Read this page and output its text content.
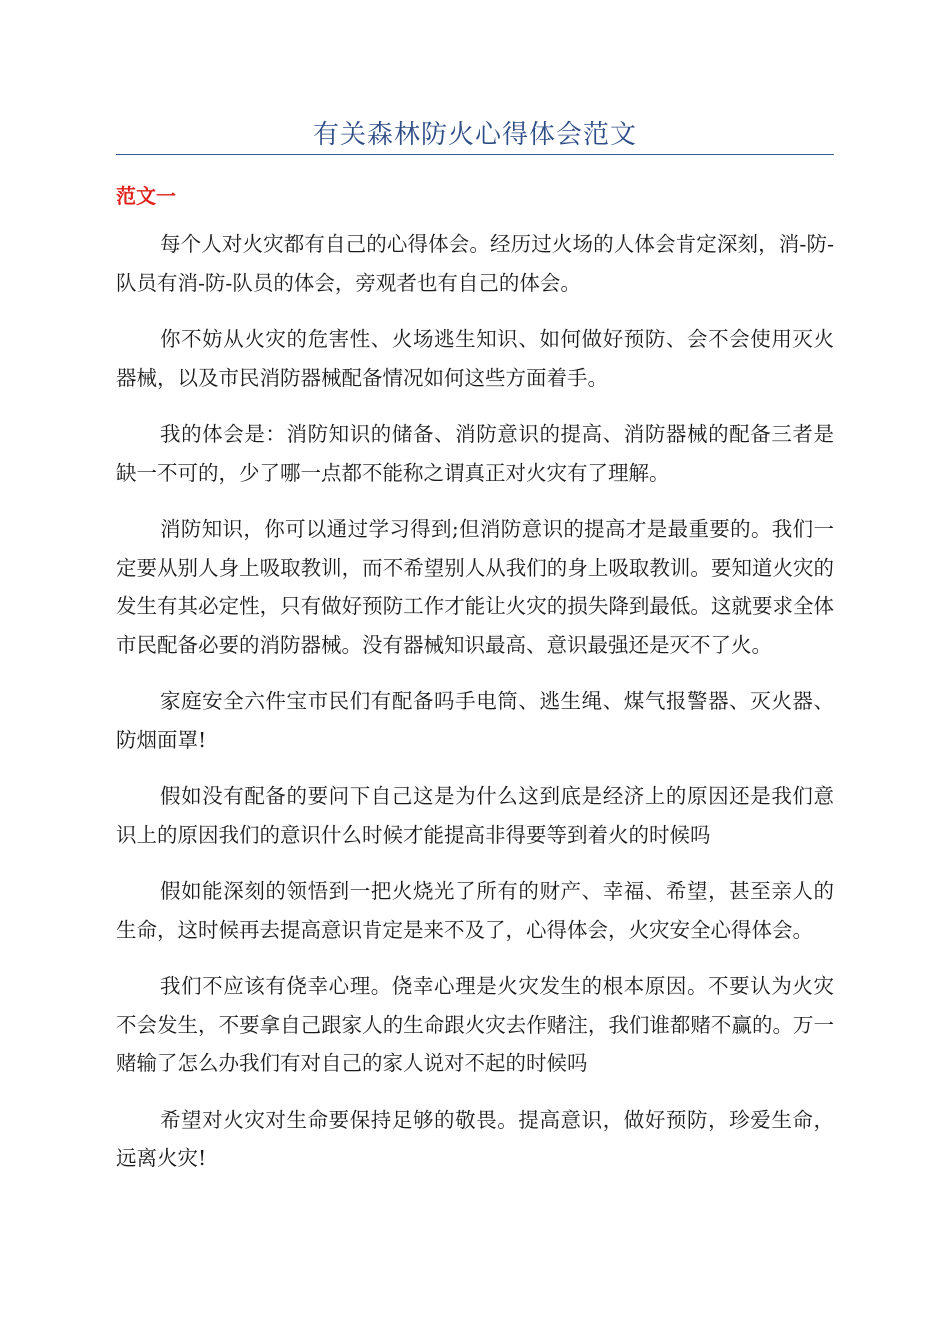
有关森林防火心得体会范文
范文一

每个人对火灾都有自己的心得体会。经历过火场的人体会肯定深刻，消-防-队员有消-防-队员的体会，旁观者也有自己的体会。

你不妨从火灾的危害性、火场逃生知识、如何做好预防、会不会使用灭火器械，以及市民消防器械配备情况如何这些方面着手。

我的体会是：消防知识的储备、消防意识的提高、消防器械的配备三者是缺一不可的，少了哪一点都不能称之谓真正对火灾有了理解。

消防知识，你可以通过学习得到;但消防意识的提高才是最重要的。我们一定要从别人身上吸取教训，而不希望别人从我们的身上吸取教训。要知道火灾的发生有其必定性，只有做好预防工作才能让火灾的损失降到最低。这就要求全体市民配备必要的消防器械。没有器械知识最高、意识最强还是灭不了火。

家庭安全六件宝市民们有配备吗手电筒、逃生绳、煤气报警器、灭火器、防烟面罩!

假如没有配备的要问下自己这是为什么这到底是经济上的原因还是我们意识上的原因我们的意识什么时候才能提高非得要等到着火的时候吗

假如能深刻的领悟到一把火烧光了所有的财产、幸福、希望，甚至亲人的生命，这时候再去提高意识肯定是来不及了，心得体会，火灾安全心得体会。

我们不应该有侥幸心理。侥幸心理是火灾发生的根本原因。不要认为火灾不会发生，不要拿自己跟家人的生命跟火灾去作赌注，我们谁都赌不赢的。万一赌输了怎么办我们有对自己的家人说对不起的时候吗

希望对火灾对生命要保持足够的敬畏。提高意识，做好预防，珍爱生命，远离火灾!
